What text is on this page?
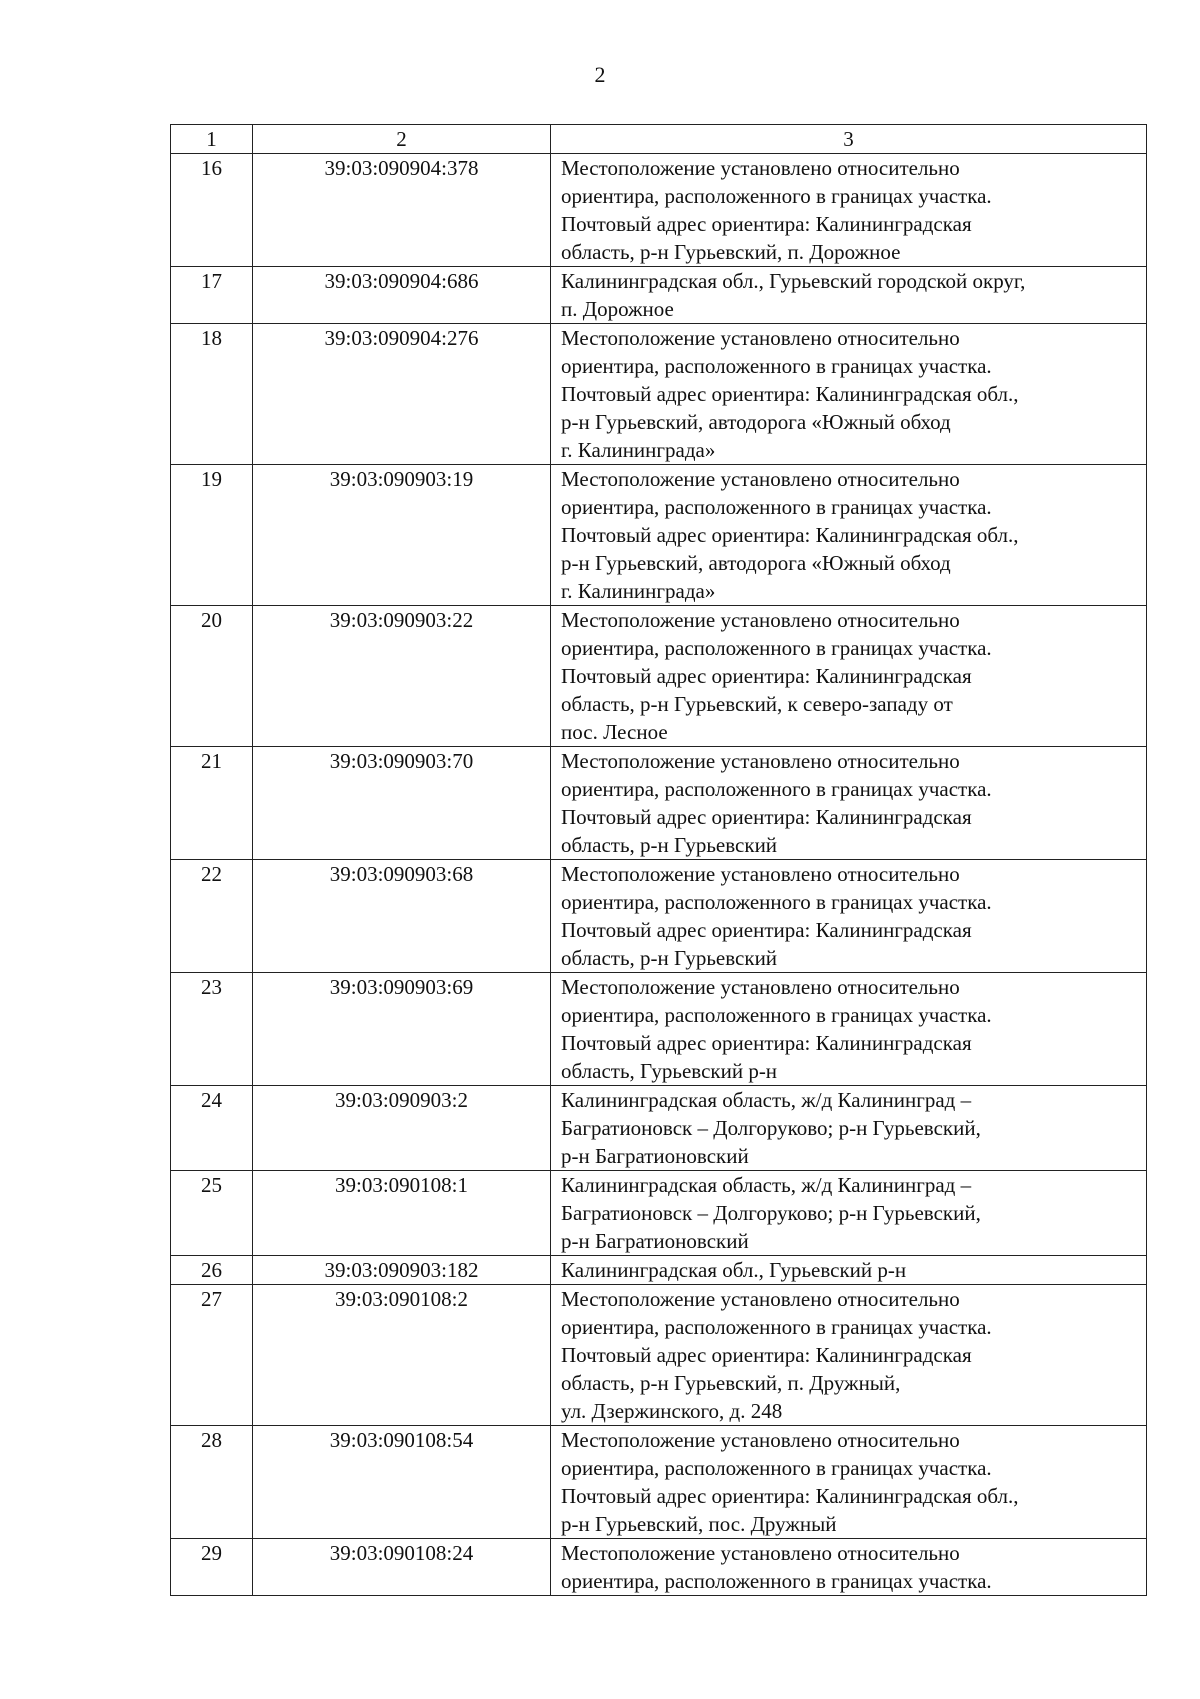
2
1	2	3
16	39:03:090904:378	Местоположение установлено относительно
ориентира, расположенного в границах участка.
Почтовый адрес ориентира: Калининградская
область, р-н Гурьевский, п. Дорожное

17	39:03:090904:686	Калининградская обл., Гурьевский городской округ,
п. Дорожное

18	39:03:090904:276	Местоположение установлено относительно
ориентира, расположенного в границах участка.
Почтовый адрес ориентира: Калининградская обл.,
р-н Гурьевский, автодорога «Южный обход
г. Калининграда»

19	39:03:090903:19	Местоположение установлено относительно
ориентира, расположенного в границах участка.
Почтовый адрес ориентира: Калининградская обл.,
р-н Гурьевский, автодорога «Южный обход
г. Калининграда»

20	39:03:090903:22	Местоположение установлено относительно
ориентира, расположенного в границах участка.
Почтовый адрес ориентира: Калининградская
область, р-н Гурьевский, к северо-западу от
пос. Лесное

21	39:03:090903:70	Местоположение установлено относительно
ориентира, расположенного в границах участка.
Почтовый адрес ориентира: Калининградская
область, р-н Гурьевский

22	39:03:090903:68	Местоположение установлено относительно
ориентира, расположенного в границах участка.
Почтовый адрес ориентира: Калининградская
область, р-н Гурьевский

23	39:03:090903:69	Местоположение установлено относительно
ориентира, расположенного в границах участка.
Почтовый адрес ориентира: Калининградская
область, Гурьевский р-н

24	39:03:090903:2	Калининградская область, ж/д Калининград –
Багратионовск – Долгоруково; р-н Гурьевский,
р-н Багратионовский

25	39:03:090108:1	Калининградская область, ж/д Калининград –
Багратионовск – Долгоруково; р-н Гурьевский,
р-н Багратионовский

26	39:03:090903:182	Калининградская обл., Гурьевский р-н

27	39:03:090108:2	Местоположение установлено относительно
ориентира, расположенного в границах участка.
Почтовый адрес ориентира: Калининградская
область, р-н Гурьевский, п. Дружный,
ул. Дзержинского, д. 248

28	39:03:090108:54	Местоположение установлено относительно
ориентира, расположенного в границах участка.
Почтовый адрес ориентира: Калининградская обл.,
р-н Гурьевский, пос. Дружный

29	39:03:090108:24	Местоположение установлено относительно
ориентира, расположенного в границах участка.
